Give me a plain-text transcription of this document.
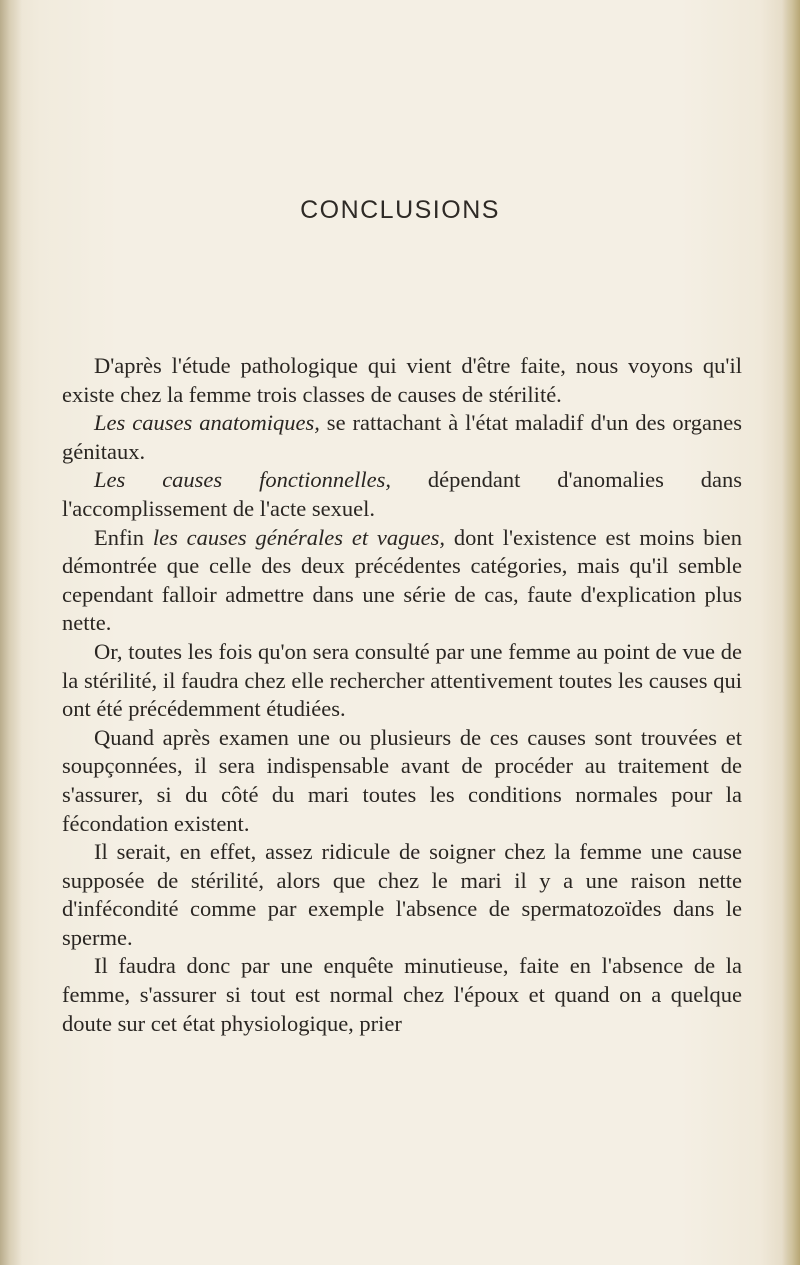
CONCLUSIONS

D'après l'étude pathologique qui vient d'être faite, nous voyons qu'il existe chez la femme trois classes de causes de stérilité.

Les causes anatomiques, se rattachant à l'état maladif d'un des organes génitaux.

Les causes fonctionnelles, dépendant d'anomalies dans l'accomplissement de l'acte sexuel.

Enfin les causes générales et vagues, dont l'existence est moins bien démontrée que celle des deux précédentes catégories, mais qu'il semble cependant falloir admettre dans une série de cas, faute d'explication plus nette.

Or, toutes les fois qu'on sera consulté par une femme au point de vue de la stérilité, il faudra chez elle rechercher attentivement toutes les causes qui ont été précédemment étudiées.

Quand après examen une ou plusieurs de ces causes sont trouvées et soupçonnées, il sera indispensable avant de procéder au traitement de s'assurer, si du côté du mari toutes les conditions normales pour la fécondation existent.

Il serait, en effet, assez ridicule de soigner chez la femme une cause supposée de stérilité, alors que chez le mari il y a une raison nette d'infécondité comme par exemple l'absence de spermatozoïdes dans le sperme.

Il faudra donc par une enquête minutieuse, faite en l'absence de la femme, s'assurer si tout est normal chez l'époux et quand on a quelque doute sur cet état physiologique, prier
